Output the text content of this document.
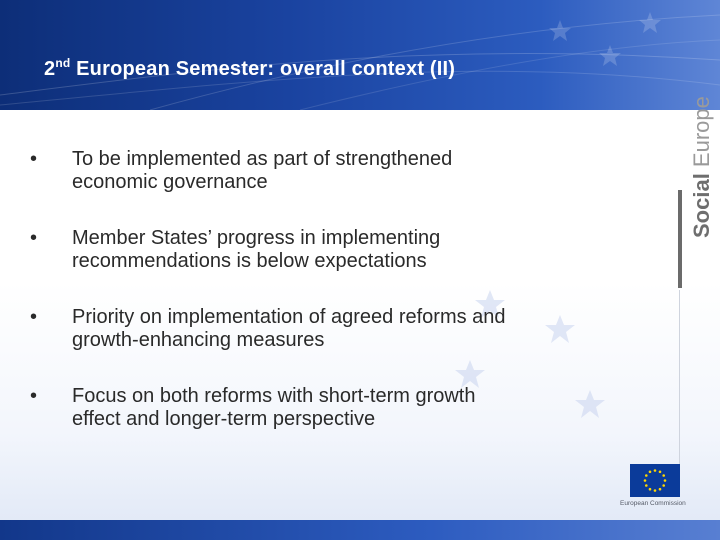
2nd European Semester: overall context (II)
• To be implemented as part of strengthened
economic governance
• Member States’ progress in implementing
recommendations is below expectations
• Priority on implementation of agreed reforms and
growth-enhancing measures
• Focus on both reforms with short-term growth
effect and longer-term perspective
Social Europe
European Commission
